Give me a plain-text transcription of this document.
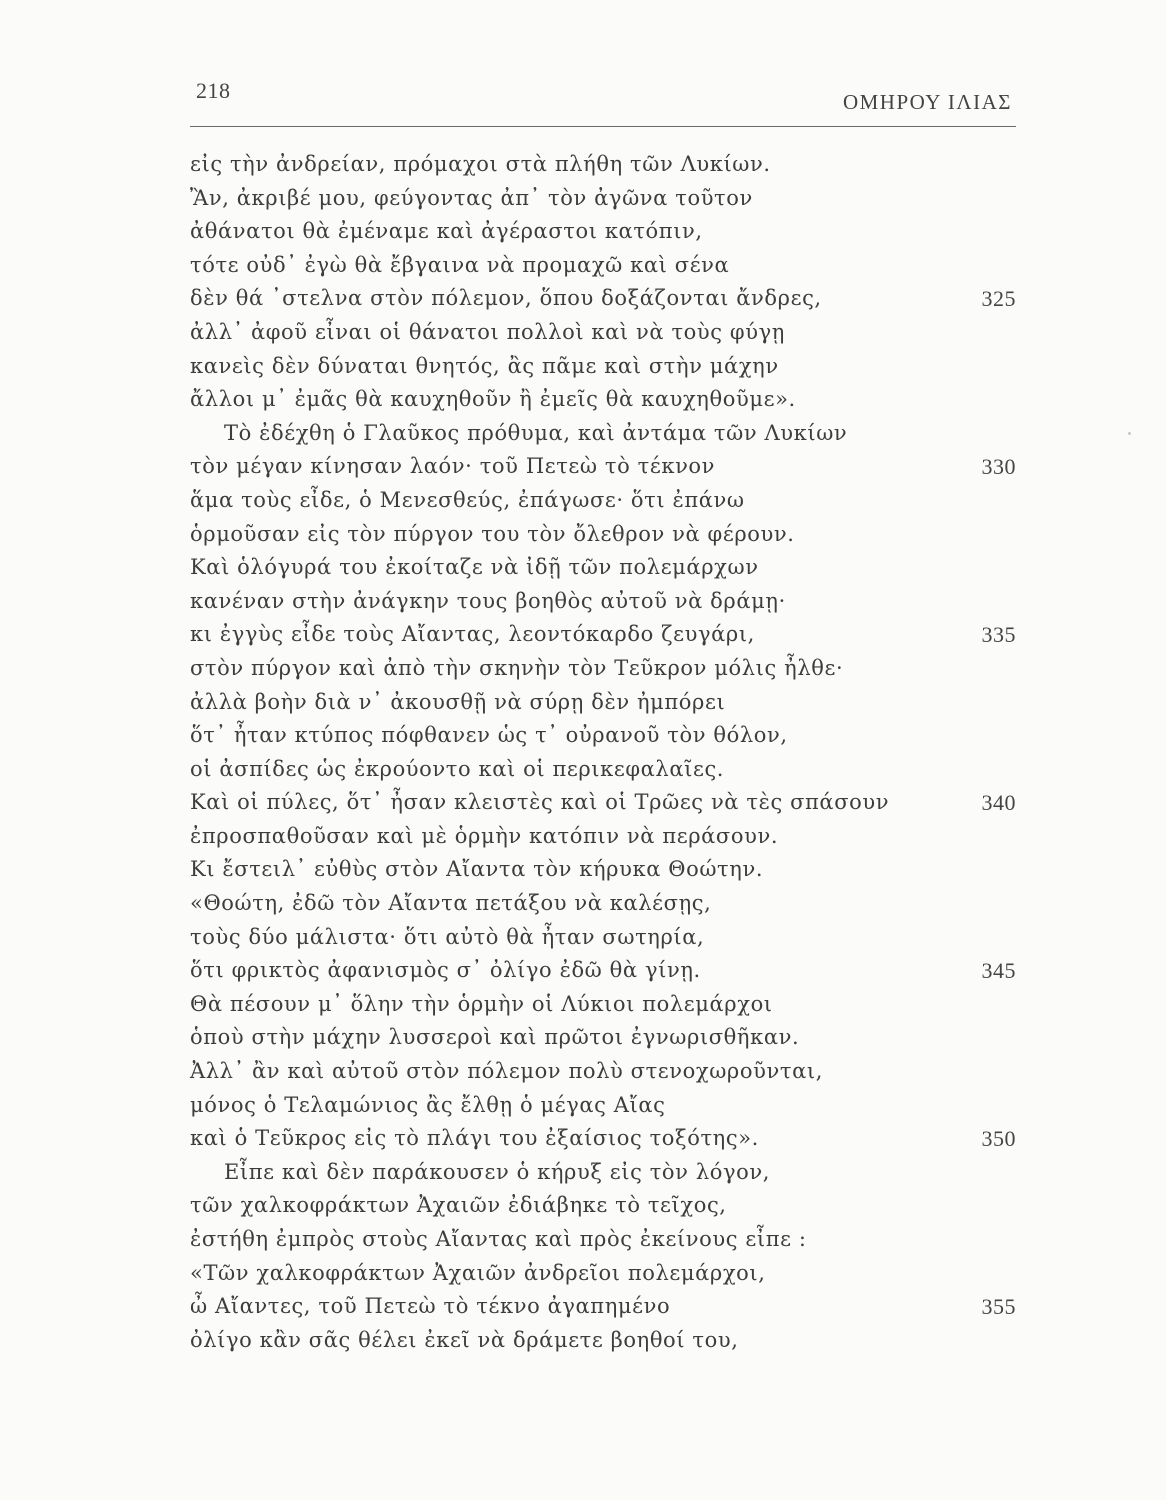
218	ΟΜΗΡΟΥ ΙΛΙΑΣ
εἰς τὴν ἀνδρείαν, πρόμαχοι στὰ πλήθη τῶν Λυκίων.
Ἂν, ἀκριβέ μου, φεύγοντας ἀπ᾽ τὸν ἀγῶνα τοῦτον
ἀθάνατοι θὰ ἐμέναμε καὶ ἀγέραστοι κατόπιν,
τότε οὐδ᾽ ἐγὼ θὰ ἔβγαινα νὰ προμαχῶ καὶ σένα
δὲν θά ᾽στελνα στὸν πόλεμον, ὅπου δοξάζονται ἄνδρες,	325
ἀλλ᾽ ἀφοῦ εἶναι οἱ θάνατοι πολλοὶ καὶ νὰ τοὺς φύγῃ
κανεὶς δὲν δύναται θνητός, ἂς πᾶμε καὶ στὴν μάχην
ἄλλοι μ᾽ ἐμᾶς θὰ καυχηθοῦν ἢ ἐμεῖς θὰ καυχηθοῦμε».
Τὸ ἐδέχθη ὁ Γλαῦκος πρόθυμα, καὶ ἀντάμα τῶν Λυκίων
τὸν μέγαν κίνησαν λαόν· τοῦ Πετεὼ τὸ τέκνον	330
ἅμα τοὺς εἶδε, ὁ Μενεσθεύς, ἐπάγωσε· ὅτι ἐπάνω
ὁρμοῦσαν εἰς τὸν πύργον του τὸν ὄλεθρον νὰ φέρουν.
Καὶ ὁλόγυρά του ἐκοίταζε νὰ ἰδῇ τῶν πολεμάρχων
κανέναν στὴν ἀνάγκην τους βοηθὸς αὐτοῦ νὰ δράμῃ·
κι ἐγγὺς εἶδε τοὺς Αἴαντας, λεοντόκαρδο ζευγάρι,	335
στὸν πύργον καὶ ἀπὸ τὴν σκηνὴν τὸν Τεῦκρον μόλις ἦλθε·
ἀλλὰ βοὴν διὰ ν᾽ ἀκουσθῇ νὰ σύρῃ δὲν ἠμπόρει
ὅτ᾽ ἦταν κτύπος πόφθανεν ὡς τ᾽ οὐρανοῦ τὸν θόλον,
οἱ ἀσπίδες ὡς ἐκρούοντο καὶ οἱ περικεφαλαῖες.
Καὶ οἱ πύλες, ὅτ᾽ ἦσαν κλειστὲς καὶ οἱ Τρῶες νὰ τὲς σπάσουν	340
ἐπροσπαθοῦσαν καὶ μὲ ὁρμὴν κατόπιν νὰ περάσουν.
Κι ἔστειλ᾽ εὐθὺς στὸν Αἴαντα τὸν κήρυκα Θοώτην.
«Θοώτη, ἐδῶ τὸν Αἴαντα πετάξου νὰ καλέσῃς,
τοὺς δύο μάλιστα· ὅτι αὐτὸ θὰ ἦταν σωτηρία,
ὅτι φρικτὸς ἀφανισμὸς σ᾽ ὀλίγο ἐδῶ θὰ γίνῃ.	345
Θὰ πέσουν μ᾽ ὅλην τὴν ὁρμὴν οἱ Λύκιοι πολεμάρχοι
ὁποὺ στὴν μάχην λυσσεροὶ καὶ πρῶτοι ἐγνωρισθῆκαν.
Ἀλλ᾽ ἂν καὶ αὐτοῦ στὸν πόλεμον πολὺ στενοχωροῦνται,
μόνος ὁ Τελαμώνιος ἂς ἔλθῃ ὁ μέγας Αἴας
καὶ ὁ Τεῦκρος εἰς τὸ πλάγι του ἐξαίσιος τοξότης».	350
Εἶπε καὶ δὲν παράκουσεν ὁ κήρυξ εἰς τὸν λόγον,
τῶν χαλκοφράκτων Ἀχαιῶν ἐδιάβηκε τὸ τεῖχος,
ἐστήθη ἐμπρὸς στοὺς Αἴαντας καὶ πρὸς ἐκείνους εἶπε :
«Τῶν χαλκοφράκτων Ἀχαιῶν ἀνδρεῖοι πολεμάρχοι,
ὦ Αἴαντες, τοῦ Πετεὼ τὸ τέκνο ἀγαπημένο	355
ὀλίγο κἂν σᾶς θέλει ἐκεῖ νὰ δράμετε βοηθοί του,
